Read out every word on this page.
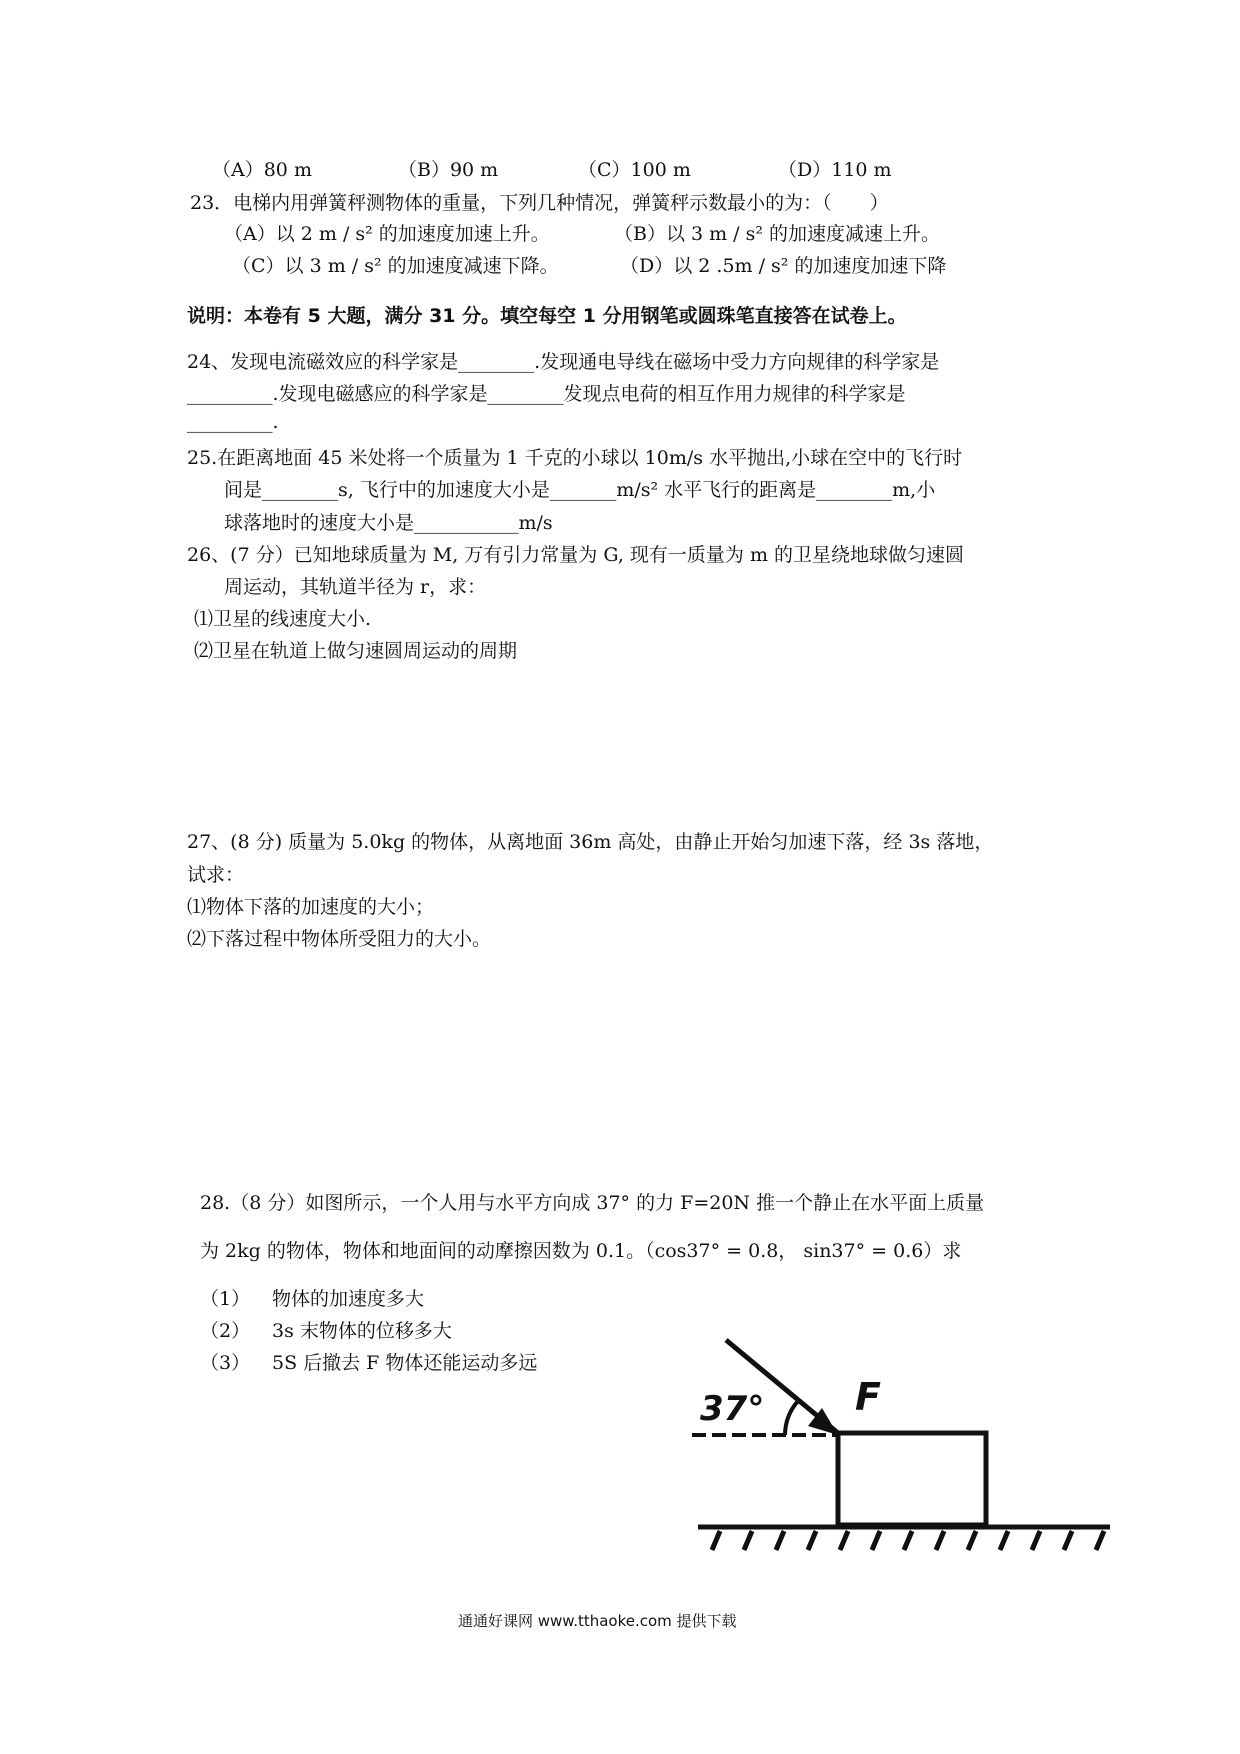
（A）80 m	（B）90 m	（C）100 m	（D）110 m
23．电梯内用弹簧秤测物体的重量，下列几种情况，弹簧秤示数最小的为：（　　）
（A）以 2 m / s² 的加速度加速上升。	（B）以 3 m / s² 的加速度减速上升。
（C）以 3 m / s² 的加速度减速下降。	（D）以 2 .5m / s² 的加速度加速下降
说明：本卷有 5 大题，满分 31 分。填空每空 1 分用钢笔或圆珠笔直接答在试卷上。
24、发现电流磁效应的科学家是________.发现通电导线在磁场中受力方向规律的科学家是
_________.发现电磁感应的科学家是________发现点电荷的相互作用力规律的科学家是
_________.
25.在距离地面 45 米处将一个质量为 1 千克的小球以 10m/s 水平抛出,小球在空中的飞行时
间是________s, 飞行中的加速度大小是_______m/s² 水平飞行的距离是________m,小
球落地时的速度大小是___________m/s
26、(7 分）已知地球质量为 M, 万有引力常量为 G, 现有一质量为 m 的卫星绕地球做匀速圆
周运动，其轨道半径为 r，求：
⑴卫星的线速度大小.
⑵卫星在轨道上做匀速圆周运动的周期
27、(8 分) 质量为 5.0kg 的物体，从离地面 36m 高处，由静止开始匀加速下落，经 3s 落地，
试求：
⑴物体下落的加速度的大小；
⑵下落过程中物体所受阻力的大小。
28.（8 分）如图所示，一个人用与水平方向成 37° 的力 F=20N 推一个静止在水平面上质量
为 2kg 的物体，物体和地面间的动摩擦因数为 0.1。（cos37° = 0.8， sin37° = 0.6）求
（1） 物体的加速度多大
（2） 3s 末物体的位移多大
（3） 5S 后撤去 F 物体还能运动多远
37° F
通通好课网 www.tthaoke.com 提供下载
